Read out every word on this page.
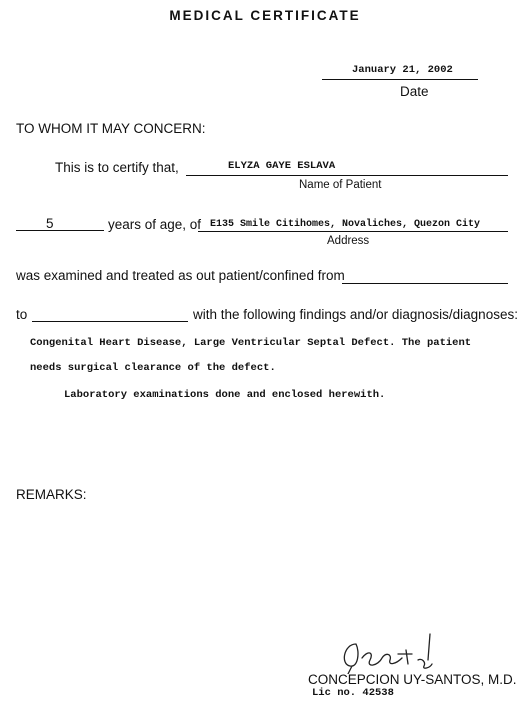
MEDICAL CERTIFICATE
January 21, 2002
Date
TO WHOM IT MAY CONCERN:
This is to certify that,	ELYZA GAYE ESLAVA
Name of Patient
5	years of age, of E135 Smile Citihomes, Novaliches, Quezon City
Address
was examined and treated as out patient/confined from
to	with the following findings and/or diagnosis/diagnoses:
Congenital Heart Disease, Large Ventricular Septal Defect. The patient
needs surgical clearance of the defect.
Laboratory examinations done and enclosed herewith.
REMARKS:
CONCEPCION UY-SANTOS, M.D.
Lic no. 42538
